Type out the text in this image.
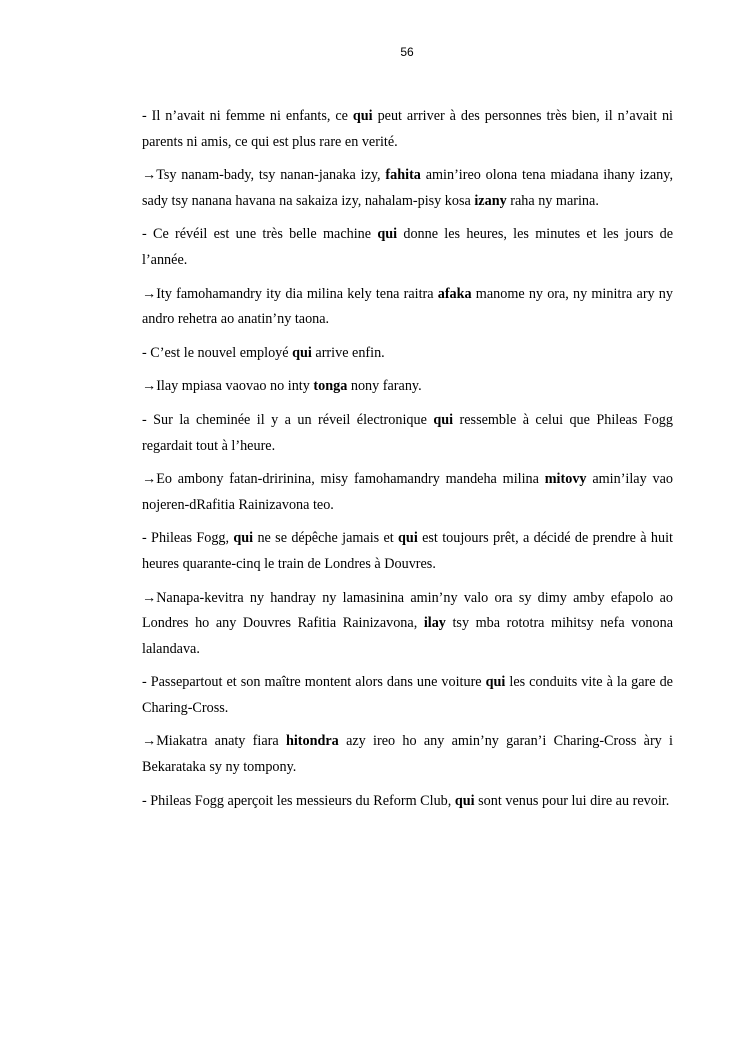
56

- Il n’avait ni femme ni enfants, ce qui peut arriver à des personnes très bien, il n’avait ni parents ni amis, ce qui est plus rare en verité.

→Tsy nanam-bady, tsy nanan-janaka izy, fahita amin’ireo olona tena miadana ihany izany, sady tsy nanana havana na sakaiza izy, nahalam-pisy kosa izany raha ny marina.

- Ce révéil est une très belle machine qui donne les heures, les minutes et les jours de l’année.

→Ity famohamandry ity dia milina kely tena raitra afaka manome ny ora, ny minitra ary ny andro rehetra ao anatin’ny taona.

- C’est le nouvel employé qui arrive enfin.

→Ilay mpiasa vaovao no inty tonga nony farany.

- Sur la cheminée il y a un réveil électronique qui ressemble à celui que Phileas Fogg regardait tout à l’heure.

→Eo ambony fatan-dririnina, misy famohamandry mandeha milina mitovy amin’ilay vao nojeren-dRafitia Rainizavona teo.

- Phileas Fogg, qui ne se dépêche jamais et qui est toujours prêt, a décidé de prendre à huit heures quarante-cinq le train de Londres à Douvres.

→Nanapa-kevitra ny handray ny lamasinina amin’ny valo ora sy dimy amby efapolo ao Londres ho any Douvres Rafitia Rainizavona, ilay tsy mba rototra mihitsy nefa vonona lalandava.

- Passepartout et son maître montent alors dans une voiture qui les conduits vite à la gare de Charing-Cross.

→Miakatra anaty fiara hitondra azy ireo ho any amin’ny garan’i Charing-Cross àry i Bekarataka sy ny tompony.

- Phileas Fogg aperçoit les messieurs du Reform Club, qui sont venus pour lui dire au revoir.
